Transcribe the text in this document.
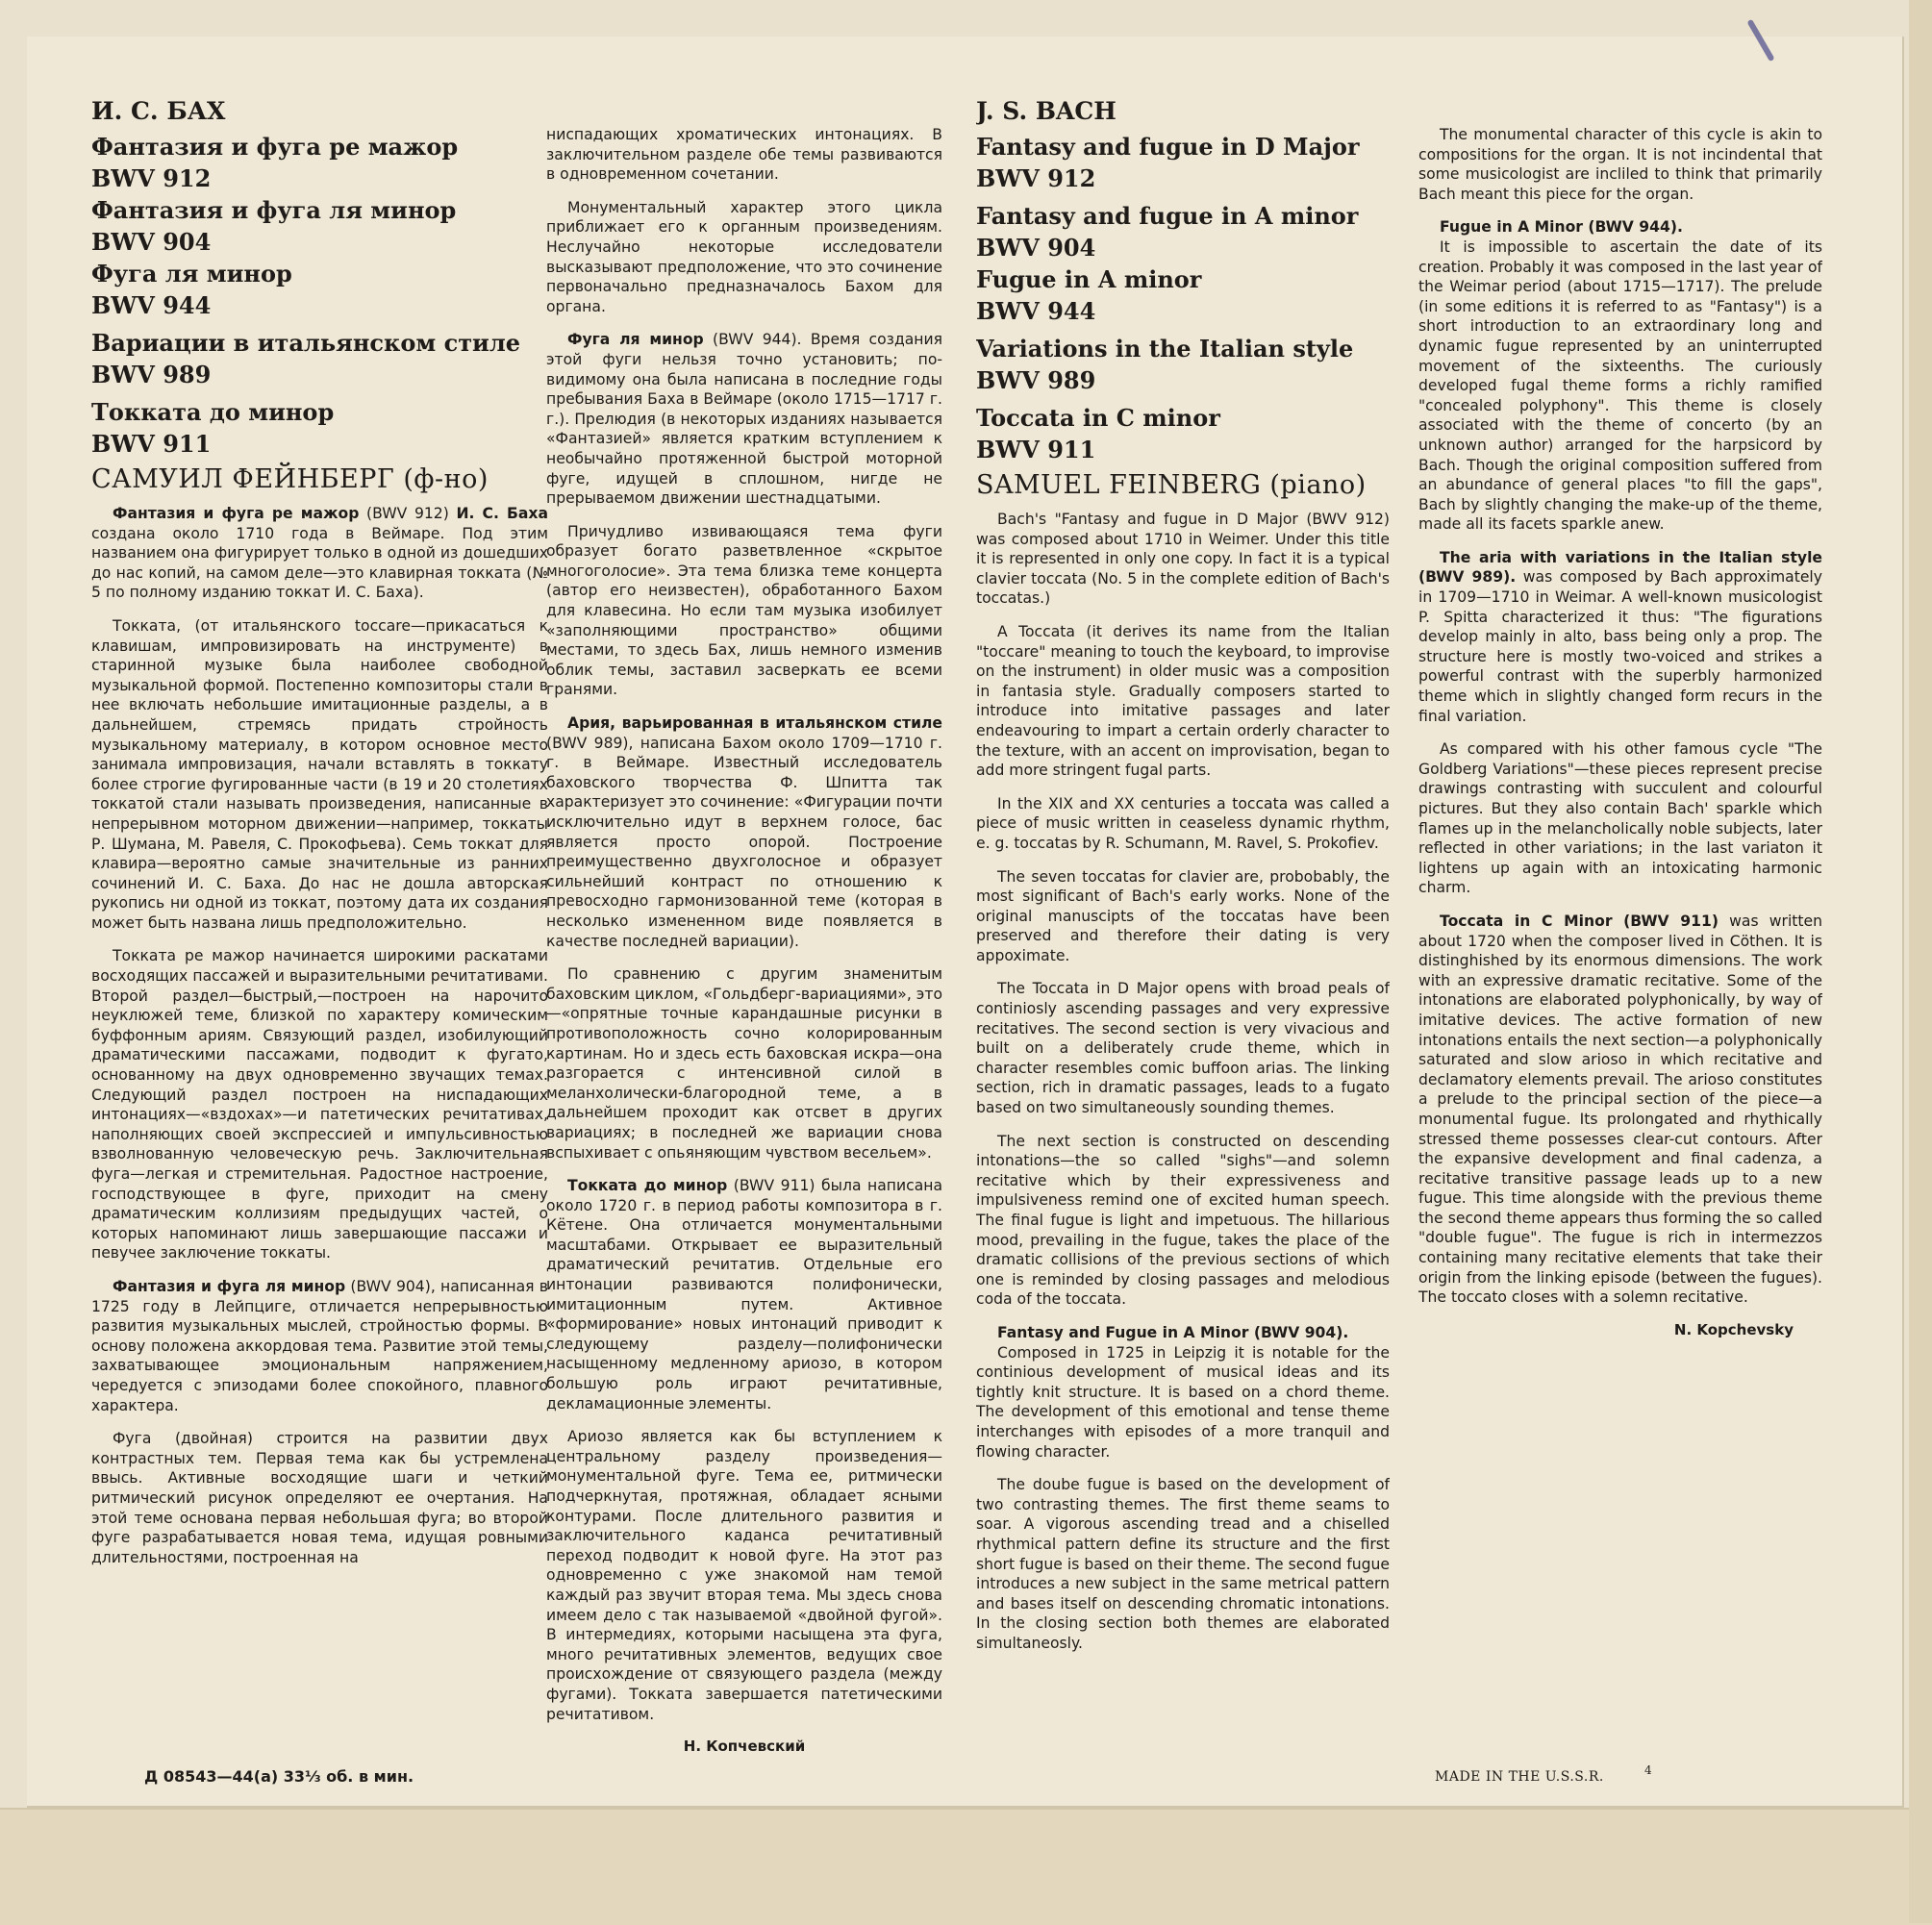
И. С. БАХ
Фантазия и фуга ре мажор
BWV 912
Фантазия и фуга ля минор
BWV 904
Фуга ля минор
BWV 944
Вариации в итальянском стиле
BWV 989
Токката до минор
BWV 911
САМУИЛ ФЕЙНБЕРГ (ф-но)

Фантазия и фуга ре мажор (BWV 912) И. С. Баха создана около 1710 года в Веймаре. Под этим названием она фигурирует только в одной из дошедших до нас копий, на самом деле—это клавирная токката (№ 5 по полному изданию токкат И. С. Баха).

Токката, (от итальянского toccare—прикасаться к клавишам, импровизировать на инструменте) в старинной музыке была наиболее свободной музыкальной формой. Постепенно композиторы стали в нее включать небольшие имитационные разделы, а в дальнейшем, стремясь придать стройность музыкальному материалу, в котором основное место занимала импровизация, начали вставлять в токкату более строгие фугированные части (в 19 и 20 столетиях токкатой стали называть произведения, написанные в непрерывном моторном движении—например, токкаты Р. Шумана, М. Равеля, С. Прокофьева). Семь токкат для клавира—вероятно самые значительные из ранних сочинений И. С. Баха. До нас не дошла авторская рукопись ни одной из токкат, поэтому дата их создания может быть названа лишь предположительно.

Токката ре мажор начинается широкими раскатами восходящих пассажей и выразительными речитативами. Второй раздел—быстрый,—построен на нарочито неуклюжей теме, близкой по характеру комическим буффонным ариям. Связующий раздел, изобилующий драматическими пассажами, подводит к фугато, основанному на двух одновременно звучащих темах. Следующий раздел построен на ниспадающих интонациях—«вздохах»—и патетических речитативах, наполняющих своей экспрессией и импульсивностью взволнованную человеческую речь. Заключительная фуга—легкая и стремительная. Радостное настроение, господствующее в фуге, приходит на смену драматическим коллизиям предыдущих частей, о которых напоминают лишь завершающие пассажи и певучее заключение токкаты.

Фантазия и фуга ля минор (BWV 904), написанная в 1725 году в Лейпциге, отличается непрерывностью развития музыкальных мыслей, стройностью формы. В основу положена аккордовая тема. Развитие этой темы, захватывающее эмоциональным напряжением, чередуется с эпизодами более спокойного, плавного характера.

Фуга (двойная) строится на развитии двух контрастных тем. Первая тема как бы устремлена ввысь. Активные восходящие шаги и четкий ритмический рисунок определяют ее очертания. На этой теме основана первая небольшая фуга; во второй фуге разрабатывается новая тема, идущая ровными длительностями, построенная на

ниспадающих хроматических интонациях. В заключительном разделе обе темы развиваются в одновременном сочетании.

Монументальный характер этого цикла приближает его к органным произведениям. Неслучайно некоторые исследователи высказывают предположение, что это сочинение первоначально предназначалось Бахом для органа.

Фуга ля минор (BWV 944). Время создания этой фуги нельзя точно установить; по-видимому она была написана в последние годы пребывания Баха в Веймаре (около 1715—1717 г. г.). Прелюдия (в некоторых изданиях называется «Фантазией» является кратким вступлением к необычайно протяженной быстрой моторной фуге, идущей в сплошном, нигде не прерываемом движении шестнадцатыми.

Причудливо извивающаяся тема фуги образует богато разветвленное «скрытое многоголосие». Эта тема близка теме концерта (автор его неизвестен), обработанного Бахом для клавесина. Но если там музыка изобилует «заполняющими пространство» общими местами, то здесь Бах, лишь немного изменив облик темы, заставил засверкать ее всеми гранями.

Ария, варьированная в итальянском стиле (BWV 989), написана Бахом около 1709—1710 г. г. в Веймаре. Известный исследователь баховского творчества Ф. Шпитта так характеризует это сочинение: «Фигурации почти исключительно идут в верхнем голосе, бас является просто опорой. Построение преимущественно двухголосное и образует сильнейший контраст по отношению к превосходно гармонизованной теме (которая в несколько измененном виде появляется в качестве последней вариации).

По сравнению с другим знаменитым баховским циклом, «Гольдберг-вариациями», это—«опрятные точные карандашные рисунки в противоположность сочно колорированным картинам. Но и здесь есть баховская искра—она разгорается с интенсивной силой в меланхолически-благородной теме, а в дальнейшем проходит как отсвет в других вариациях; в последней же вариации снова вспыхивает с опьяняющим чувством весельем».

Токката до минор (BWV 911) была написана около 1720 г. в период работы композитора в г. Кётене. Она отличается монументальными масштабами. Открывает ее выразительный драматический речитатив. Отдельные его интонации развиваются полифонически, имитационным путем. Активное «формирование» новых интонаций приводит к следующему разделу—полифонически насыщенному медленному ариозо, в котором большую роль играют речитативные, декламационные элементы.

Ариозо является как бы вступлением к центральному разделу произведения—монументальной фуге. Тема ее, ритмически подчеркнутая, протяжная, обладает ясными контурами. После длительного развития и заключительного каданса речитативный переход подводит к новой фуге. На этот раз одновременно с уже знакомой нам темой каждый раз звучит вторая тема. Мы здесь снова имеем дело с так называемой «двойной фугой». В интермедиях, которыми насыщена эта фуга, много речитативных элементов, ведущих свое происхождение от связующего раздела (между фугами). Токката завершается патетическими речитативом.

Н. Копчевский
J. S. BACH
Fantasy and fugue in D Major
BWV 912
Fantasy and fugue in A minor
BWV 904
Fugue in A minor
BWV 944
Variations in the Italian style
BWV 989
Toccata in C minor
BWV 911
SAMUEL FEINBERG (piano)

Bach's "Fantasy and fugue in D Major (BWV 912) was composed about 1710 in Weimer. Under this title it is represented in only one copy. In fact it is a typical clavier toccata (No. 5 in the complete edition of Bach's toccatas.)

A Toccata (it derives its name from the Italian "toccare" meaning to touch the keyboard, to improvise on the instrument) in older music was a composition in fantasia style. Gradually composers started to introduce into imitative passages and later endeavouring to impart a certain orderly character to the texture, with an accent on improvisation, began to add more stringent fugal parts.

In the XIX and XX centuries a toccata was called a piece of music written in ceaseless dynamic rhythm, e. g. toccatas by R. Schumann, M. Ravel, S. Prokofiev.

The seven toccatas for clavier are, probobably, the most significant of Bach's early works. None of the original manuscipts of the toccatas have been preserved and therefore their dating is very appoximate.

The Toccata in D Major opens with broad peals of continiosly ascending passages and very expressive recitatives. The second section is very vivacious and built on a deliberately crude theme, which in character resembles comic buffoon arias. The linking section, rich in dramatic passages, leads to a fugato based on two simultaneously sounding themes.

The next section is constructed on descending intonations—the so called "sighs"—and solemn recitative which by their expressiveness and impulsiveness remind one of excited human speech. The final fugue is light and impetuous. The hillarious mood, prevailing in the fugue, takes the place of the dramatic collisions of the previous sections of which one is reminded by closing passages and melodious coda of the toccata.

Fantasy and Fugue in A Minor (BWV 904).

Composed in 1725 in Leipzig it is notable for the continious development of musical ideas and its tightly knit structure. It is based on a chord theme. The development of this emotional and tense theme interchanges with episodes of a more tranquil and flowing character.

The doube fugue is based on the development of two contrasting themes. The first theme seams to soar. A vigorous ascending tread and a chiselled rhythmical pattern define its structure and the first short fugue is based on their theme. The second fugue introduces a new subject in the same metrical pattern and bases itself on descending chromatic intonations. In the closing section both themes are elaborated simultaneosly.

The monumental character of this cycle is akin to compositions for the organ. It is not incindental that some musicologist are incliled to think that primarily Bach meant this piece for the organ.

Fugue in A Minor (BWV 944).

It is impossible to ascertain the date of its creation. Probably it was composed in the last year of the Weimar period (about 1715—1717). The prelude (in some editions it is referred to as "Fantasy") is a short introduction to an extraordinary long and dynamic fugue represented by an uninterrupted movement of the sixteenths. The curiously developed fugal theme forms a richly ramified "concealed polyphony". This theme is closely associated with the theme of concerto (by an unknown author) arranged for the harpsicord by Bach. Though the original composition suffered from an abundance of general places "to fill the gaps", Bach by slightly changing the make-up of the theme, made all its facets sparkle anew.

The aria with variations in the Italian style (BWV 989). was composed by Bach approximately in 1709—1710 in Weimar. A well-known musicologist P. Spitta characterized it thus: "The figurations develop mainly in alto, bass being only a prop. The structure here is mostly two-voiced and strikes a powerful contrast with the superbly harmonized theme which in slightly changed form recurs in the final variation.

As compared with his other famous cycle "The Goldberg Variations"—these pieces represent precise drawings contrasting with succulent and colourful pictures. But they also contain Bach' sparkle which flames up in the melancholically noble subjects, later reflected in other variations; in the last variaton it lightens up again with an intoxicating harmonic charm.

Toccata in C Minor (BWV 911) was written about 1720 when the composer lived in Cöthen. It is distinghished by its enormous dimensions. The work with an expressive dramatic recitative. Some of the intonations are elaborated polyphonically, by way of imitative devices. The active formation of new intonations entails the next section—a polyphonically saturated and slow arioso in which recitative and declamatory elements prevail. The arioso constitutes a prelude to the principal section of the piece—a monumental fugue. Its prolongated and rhythically stressed theme possesses clear-cut contours. After the expansive development and final cadenza, a recitative transitive passage leads up to a new fugue. This time alongside with the previous theme the second theme appears thus forming the so called "double fugue". The fugue is rich in intermezzos containing many recitative elements that take their origin from the linking episode (between the fugues). The toccato closes with a solemn recitative.

N. Kopchevsky
Д 08543—44(а) 33⅓ об. в мин.	MADE IN THE U.S.S.R.	4
